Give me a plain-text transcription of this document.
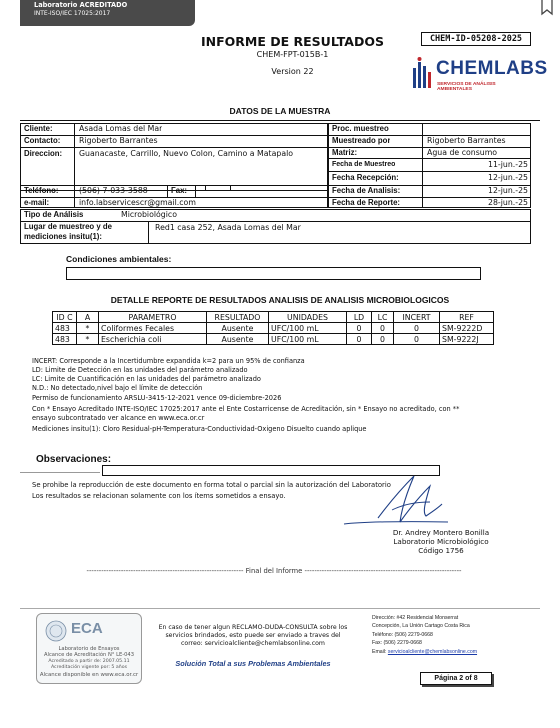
Laboratorio ACREDITADO
INTE-ISO/IEC 17025:2017
INFORME DE RESULTADOS
CHEM-FPT-015B-1
Version 22
CHEM-ID-05208-2025
CHEMLABS
SERVICIOS DE ANÁLISIS AMBIENTALES
DATOS DE LA MUESTRA
Cliente:	Asada Lomas del Mar
Contacto:	Rigoberto Barrantes
Direccion:	Guanacaste, Carrillo, Nuevo Colon, Camino a Matapalo
Teléfono:	(506) 7-033-3588	Fax:
e-mail:	info.labservicescr@gmail.com
Proc. muestreo
Muestreado por	Rigoberto Barrantes
Matriz:	Agua de consumo
Fecha de Muestreo	11-jun.-25
Fecha Recepción:	12-jun.-25
Fecha de Analisis:	12-jun.-25
Fecha de Reporte:	28-jun.-25
Tipo de Análisis	Microbiológico
Lugar de muestreo y de mediciones insitu(1):
Red1 casa 252, Asada Lomas del Mar
Condiciones ambientales:
DETALLE REPORTE DE RESULTADOS ANALISIS DE ANALISIS MICROBIOLOGICOS
ID C	A	PARAMETRO	RESULTADO	UNIDADES	LD	LC	INCERT	REF
483	*	Coliformes Fecales	Ausente	UFC/100 mL	0	0	0	SM-9222D
483	*	Escherichia coli	Ausente	UFC/100 mL	0	0	0	SM-9222J
INCERT: Corresponde a la Incertidumbre expandida k=2 para un 95% de confianza
LD: Limite de Detección en las unidades del parámetro analizado
LC: Limite de Cuantificación en las unidades del parámetro analizado
N.D.: No detectado,nivel bajo el límite de detección
Permiso de funcionamiento ARSLU-3415-12-2021 vence 09-diciembre-2026
Con * Ensayo Acreditado INTE-ISO/IEC 17025:2017 ante el Ente Costarricense de Acreditación, sin * Ensayo no acreditado, con **
ensayo subcontratado ver alcance en www.eca.or.cr
Mediciones insitu(1): Cloro Residual-pH-Temperatura-Conductividad-Oxigeno Disuelto cuando aplique
Observaciones:
Se prohibe la reproducción de este documento en forma total o parcial sin la autorización del Laboratorio
Los resultados se relacionan solamente con los ítems sometidos a ensayo.
Dr. Andrey Montero Bonilla
Laboratorio Microbiológico
Código 1756
---------------------------------------------------------------- Final del Informe ----------------------------------------------------------------
ECA
Laboratorio de Ensayos
Alcance de Acreditación N° LE-043
Acreditado a partir de: 2007.05.11
Acreditación vigente por: 5 años
Alcance disponible en www.eca.or.cr
En caso de tener algun RECLAMO-DUDA-CONSULTA sobre los servicios brindados, esto puede ser enviado a traves del correo: servicioalcliente@chemlabsonline.com
Solución Total a sus Problemas Ambientales
Dirección: #42 Residencial Monserrat
Concepción, La Unión Cartago Costa Rica
Teléfono: (506) 2279-0668
Fax: (506) 2279-0668
Email: servicioalcliente@chemlabsonline.com
Página 2 of 8
